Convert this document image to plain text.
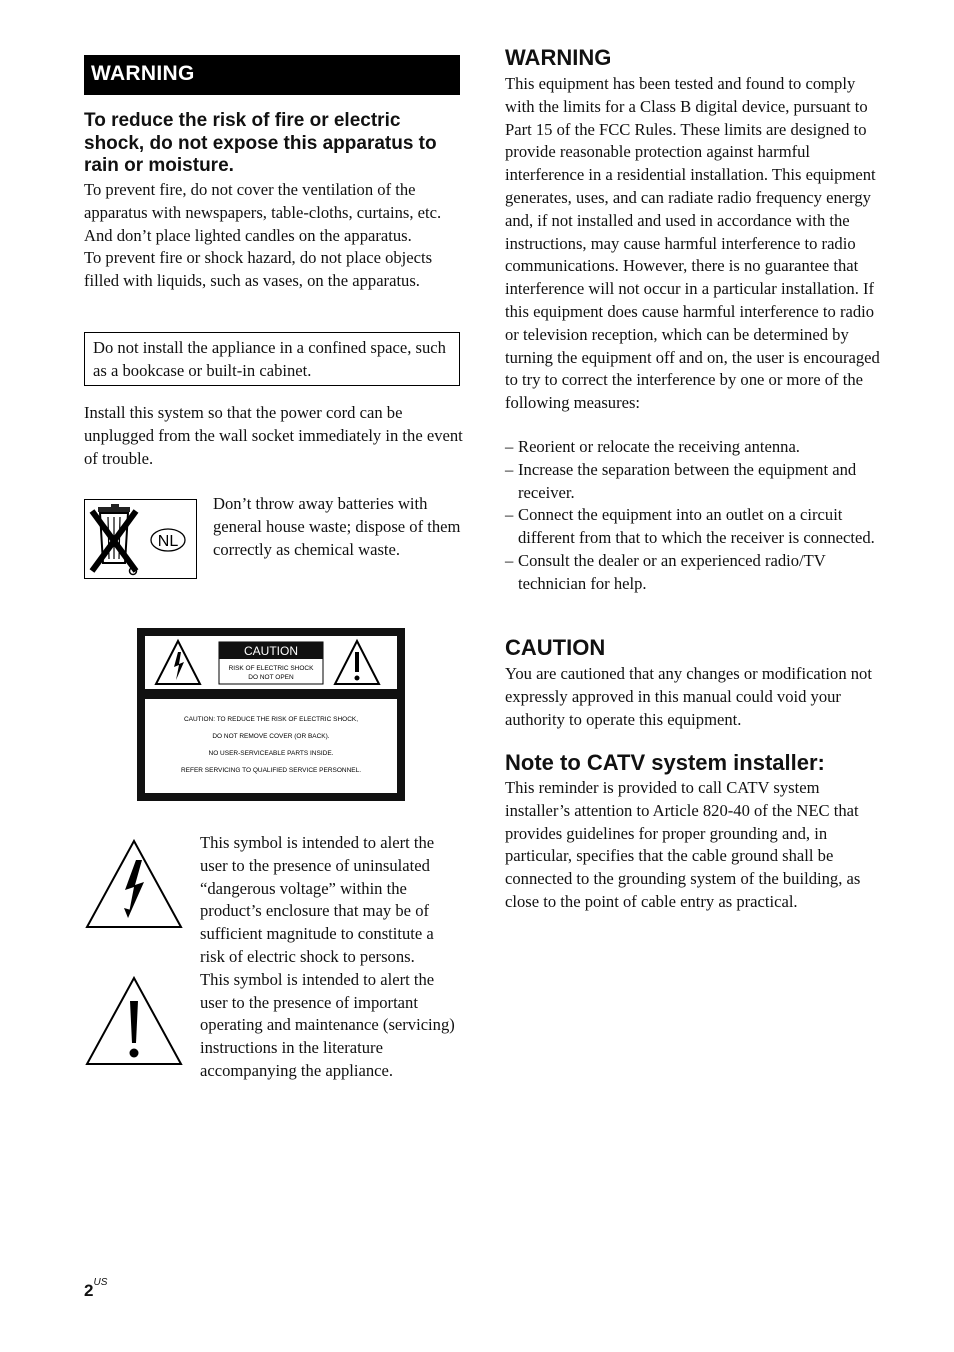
WARNING
To reduce the risk of fire or electric shock, do not expose this apparatus to rain or moisture.

To prevent fire, do not cover the ventilation of the apparatus with newspapers, table-cloths, curtains, etc. And don’t place lighted candles on the apparatus.

To prevent fire or shock hazard, do not place objects filled with liquids, such as vases, on the apparatus.

Do not install the appliance in a confined space, such as a bookcase or built-in cabinet.

Install this system so that the power cord can be unplugged from the wall socket immediately in the event of trouble.

NL

Don’t throw away batteries with general house waste; dispose of them correctly as chemical waste.

CAUTION
RISK OF ELECTRIC SHOCK
DO NOT OPEN
CAUTION: TO REDUCE THE RISK OF ELECTRIC SHOCK,
DO NOT REMOVE COVER (OR BACK).
NO USER-SERVICEABLE PARTS INSIDE.
REFER SERVICING TO QUALIFIED SERVICE PERSONNEL.

This symbol is intended to alert the user to the presence of uninsulated “dangerous voltage” within the product’s enclosure that may be of sufficient magnitude to constitute a risk of electric shock to persons.

This symbol is intended to alert the user to the presence of important operating and maintenance (servicing) instructions in the literature accompanying the appliance.

WARNING

This equipment has been tested and found to comply with the limits for a Class B digital device, pursuant to Part 15 of the FCC Rules. These limits are designed to provide reasonable protection against harmful interference in a residential installation. This equipment generates, uses, and can radiate radio frequency energy and, if not installed and used in accordance with the instructions, may cause harmful interference to radio communications. However, there is no guarantee that interference will not occur in a particular installation. If this equipment does cause harmful interference to radio or television reception, which can be determined by turning the equipment off and on, the user is encouraged to try to correct the interference by one or more of the following measures:

– Reorient or relocate the receiving antenna.
– Increase the separation between the equipment and receiver.
– Connect the equipment into an outlet on a circuit different from that to which the receiver is connected.
– Consult the dealer or an experienced radio/TV technician for help.
CAUTION

You are cautioned that any changes or modification not expressly approved in this manual could void your authority to operate this equipment.

Note to CATV system installer:

This reminder is provided to call CATV system installer’s attention to Article 820-40 of the NEC that provides guidelines for proper grounding and, in particular, specifies that the cable ground shall be connected to the grounding system of the building, as close to the point of cable entry as practical.

$2^{US}$
